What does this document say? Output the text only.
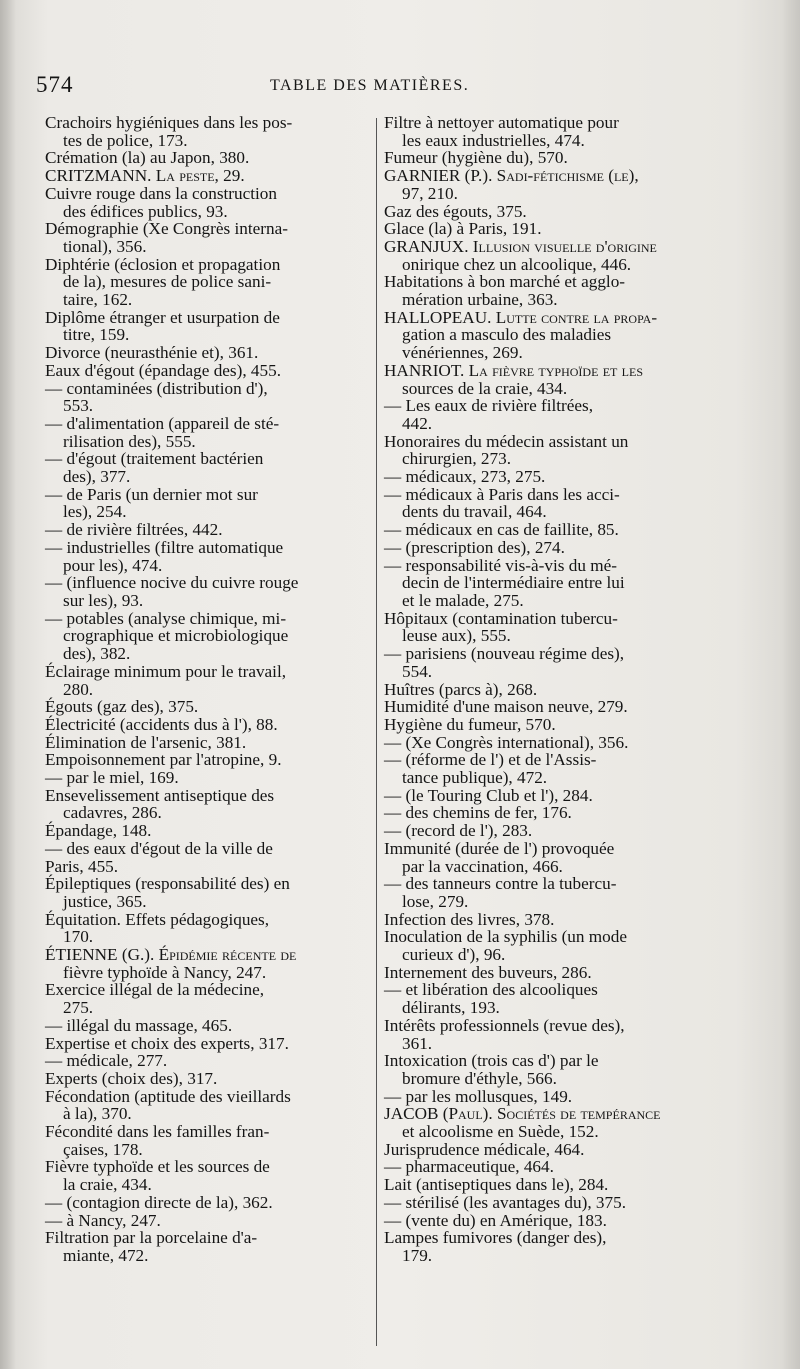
574	TABLE DES MATIÈRES.
Crachoirs hygiéniques dans les pos-
tes de police, 173.
Crémation (la) au Japon, 380.
CRITZMANN. La peste, 29.
Cuivre rouge dans la construction
des édifices publics, 93.
Démographie (Xe Congrès interna-
tional), 356.
Diphtérie (éclosion et propagation
de la), mesures de police sani-
taire, 162.
Diplôme étranger et usurpation de
titre, 159.
Divorce (neurasthénie et), 361.
Eaux d'égout (épandage des), 455.
— contaminées (distribution d'),
553.
— d'alimentation (appareil de sté-
rilisation des), 555.
— d'égout (traitement bactérien
des), 377.
— de Paris (un dernier mot sur
les), 254.
— de rivière filtrées, 442.
— industrielles (filtre automatique
pour les), 474.
— (influence nocive du cuivre rouge
sur les), 93.
— potables (analyse chimique, mi-
crographique et microbiologique
des), 382.
Éclairage minimum pour le travail,
280.
Égouts (gaz des), 375.
Électricité (accidents dus à l'), 88.
Élimination de l'arsenic, 381.
Empoisonnement par l'atropine, 9.
— par le miel, 169.
Ensevelissement antiseptique des
cadavres, 286.
Épandage, 148.
— des eaux d'égout de la ville de
Paris, 455.
Épileptiques (responsabilité des) en
justice, 365.
Équitation. Effets pédagogiques,
170.
ÉTIENNE (G.). Épidémie récente de
fièvre typhoïde à Nancy, 247.
Exercice illégal de la médecine,
275.
— illégal du massage, 465.
Expertise et choix des experts, 317.
— médicale, 277.
Experts (choix des), 317.
Fécondation (aptitude des vieillards
à la), 370.
Fécondité dans les familles fran-
çaises, 178.
Fièvre typhoïde et les sources de
la craie, 434.
— (contagion directe de la), 362.
— à Nancy, 247.
Filtration par la porcelaine d'a-
miante, 472.
Filtre à nettoyer automatique pour
les eaux industrielles, 474.
Fumeur (hygiène du), 570.
GARNIER (P.). Sadi-fétichisme (le),
97, 210.
Gaz des égouts, 375.
Glace (la) à Paris, 191.
GRANJUX. Illusion visuelle d'origine
onirique chez un alcoolique, 446.
Habitations à bon marché et agglo-
mération urbaine, 363.
HALLOPEAU. Lutte contre la propa-
gation a masculo des maladies
vénériennes, 269.
HANRIOT. La fièvre typhoïde et les
sources de la craie, 434.
— Les eaux de rivière filtrées,
442.
Honoraires du médecin assistant un
chirurgien, 273.
— médicaux, 273, 275.
— médicaux à Paris dans les acci-
dents du travail, 464.
— médicaux en cas de faillite, 85.
— (prescription des), 274.
— responsabilité vis-à-vis du mé-
decin de l'intermédiaire entre lui
et le malade, 275.
Hôpitaux (contamination tubercu-
leuse aux), 555.
— parisiens (nouveau régime des),
554.
Huîtres (parcs à), 268.
Humidité d'une maison neuve, 279.
Hygiène du fumeur, 570.
— (Xe Congrès international), 356.
— (réforme de l') et de l'Assis-
tance publique), 472.
— (le Touring Club et l'), 284.
— des chemins de fer, 176.
— (record de l'), 283.
Immunité (durée de l') provoquée
par la vaccination, 466.
— des tanneurs contre la tubercu-
lose, 279.
Infection des livres, 378.
Inoculation de la syphilis (un mode
curieux d'), 96.
Internement des buveurs, 286.
— et libération des alcooliques
délirants, 193.
Intérêts professionnels (revue des),
361.
Intoxication (trois cas d') par le
bromure d'éthyle, 566.
— par les mollusques, 149.
JACOB (Paul). Sociétés de tempérance
et alcoolisme en Suède, 152.
Jurisprudence médicale, 464.
— pharmaceutique, 464.
Lait (antiseptiques dans le), 284.
— stérilisé (les avantages du), 375.
— (vente du) en Amérique, 183.
Lampes fumivores (danger des),
179.
